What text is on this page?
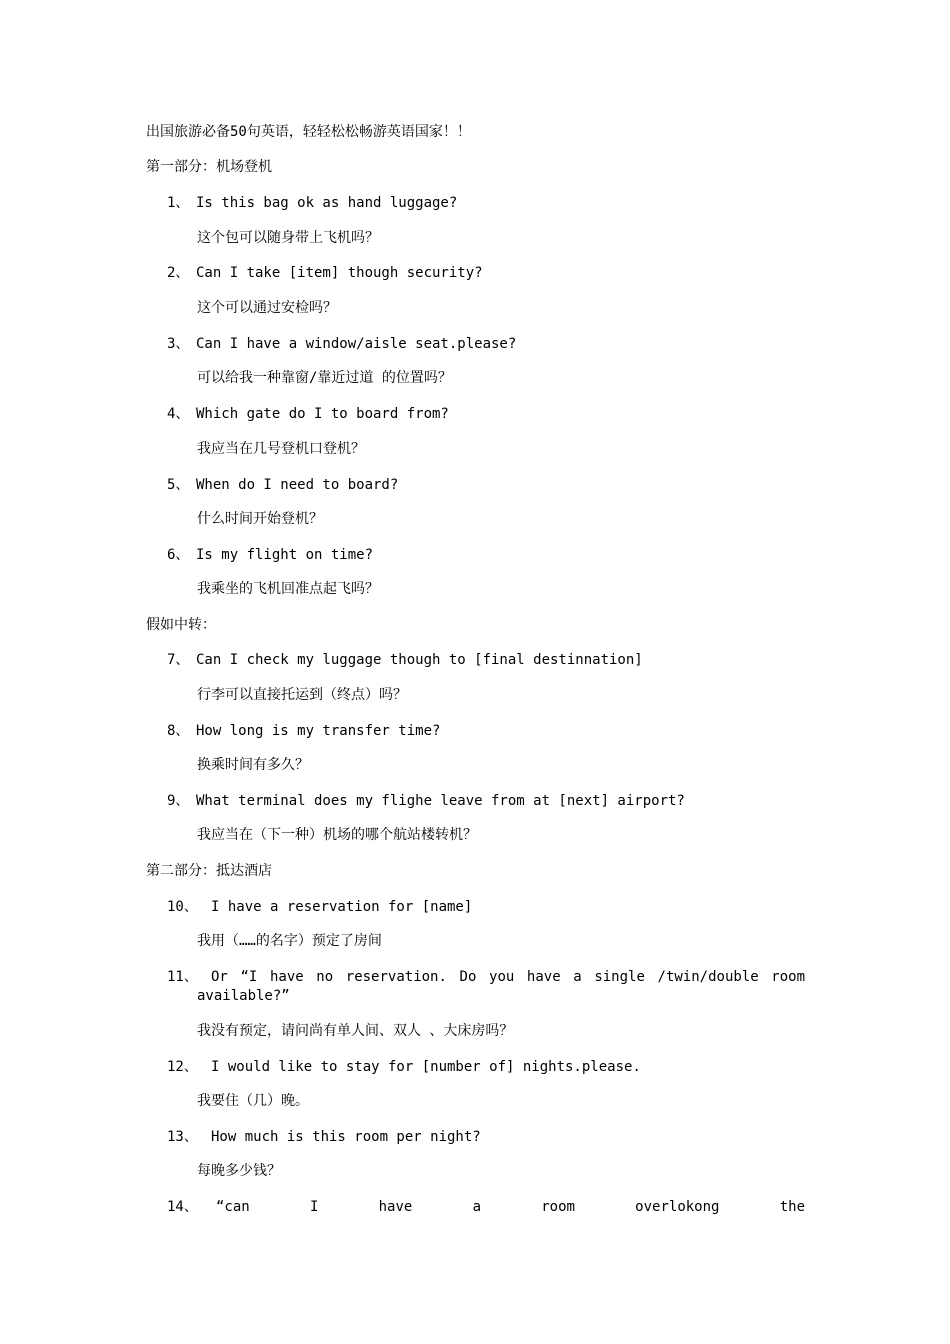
出国旅游必备50句英语，轻轻松松畅游英语国家！！
第一部分：机场登机
1、 Is this bag ok as hand luggage?
这个包可以随身带上飞机吗？
2、 Can I take [item] though security?
这个可以通过安检吗？
3、 Can I have a window/aisle seat.please?
可以给我一种靠窗/靠近过道 的位置吗？
4、 Which gate do I to board from?
我应当在几号登机口登机？
5、 When do I need to board?
什么时间开始登机？
6、 Is my flight on time?
我乘坐的飞机回准点起飞吗？
假如中转：
7、 Can I check my luggage though to [final destinnation]
行李可以直接托运到（终点）吗？
8、 How long is my transfer time?
换乘时间有多久？
9、 What terminal does my flighe leave from at [next] airport?
我应当在（下一种）机场的哪个航站楼转机？
第二部分：抵达酒店
10、 I have a reservation for [name]
我用（……的名字）预定了房间
11、 Or “I have no reservation. Do you have a single /twin/double room
available?”
我没有预定，请问尚有单人间、双人 、大床房吗？
12、 I would like to stay for [number of] nights.please.
我要住（几）晚。
13、 How much is this room per night?
每晚多少钱？
14、	“can I have a room overlokong the
